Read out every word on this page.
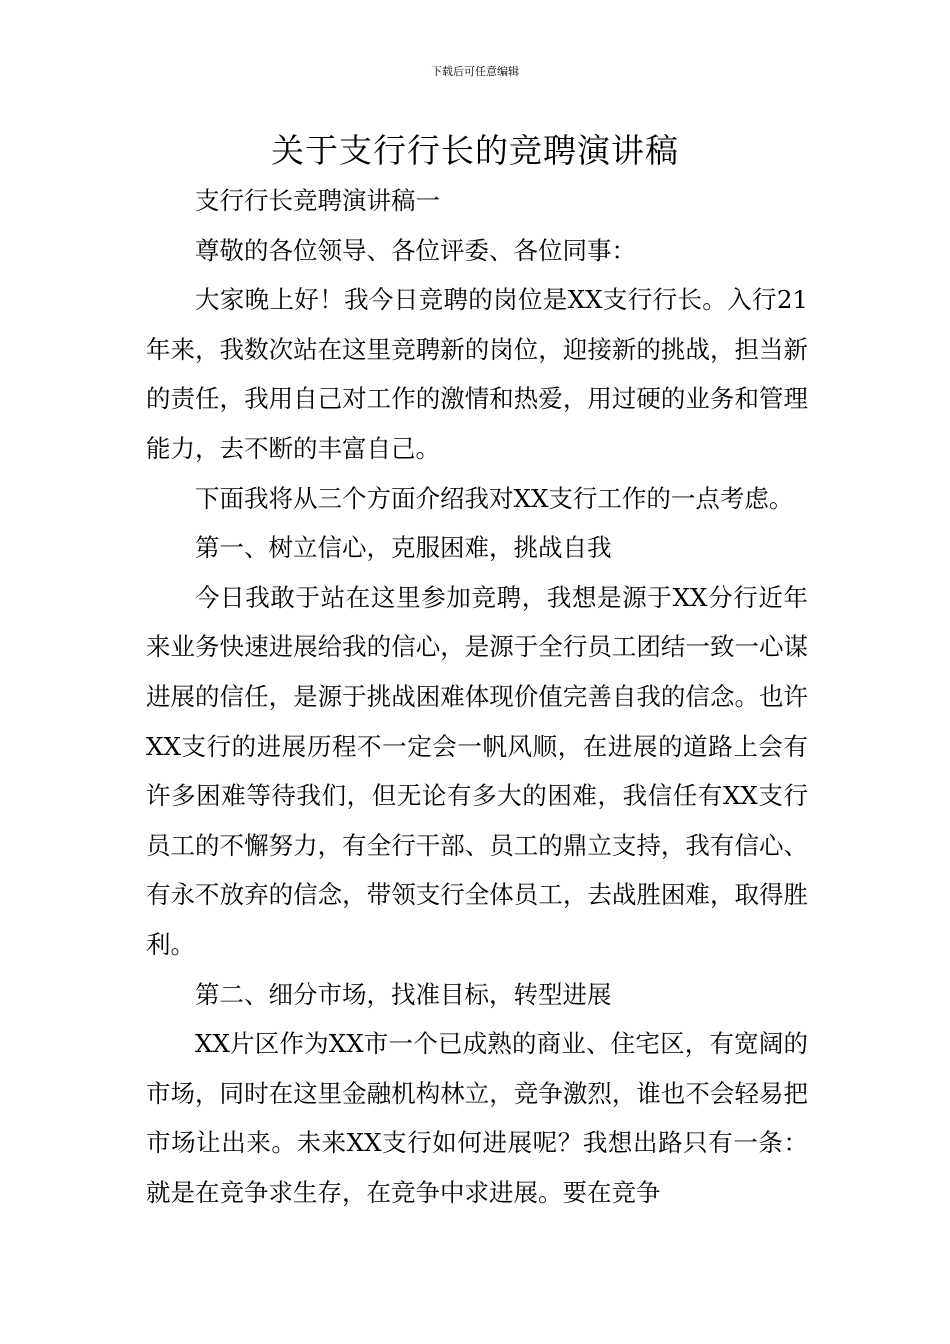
下载后可任意编辑
关于支行行长的竞聘演讲稿

支行行长竞聘演讲稿一

尊敬的各位领导、各位评委、各位同事：

大家晚上好！我今日竞聘的岗位是XX支行行长。入行21年来，我数次站在这里竞聘新的岗位，迎接新的挑战，担当新的责任，我用自己对工作的激情和热爱，用过硬的业务和管理能力，去不断的丰富自己。

下面我将从三个方面介绍我对XX支行工作的一点考虑。

第一、树立信心，克服困难，挑战自我

今日我敢于站在这里参加竞聘，我想是源于XX分行近年来业务快速进展给我的信心，是源于全行员工团结一致一心谋进展的信任，是源于挑战困难体现价值完善自我的信念。也许XX支行的进展历程不一定会一帆风顺，在进展的道路上会有许多困难等待我们，但无论有多大的困难，我信任有XX支行员工的不懈努力，有全行干部、员工的鼎立支持，我有信心、有永不放弃的信念，带领支行全体员工，去战胜困难，取得胜利。

第二、细分市场，找准目标，转型进展

XX片区作为XX市一个已成熟的商业、住宅区，有宽阔的市场，同时在这里金融机构林立，竞争激烈，谁也不会轻易把市场让出来。未来XX支行如何进展呢？我想出路只有一条：就是在竞争求生存，在竞争中求进展。要在竞争
